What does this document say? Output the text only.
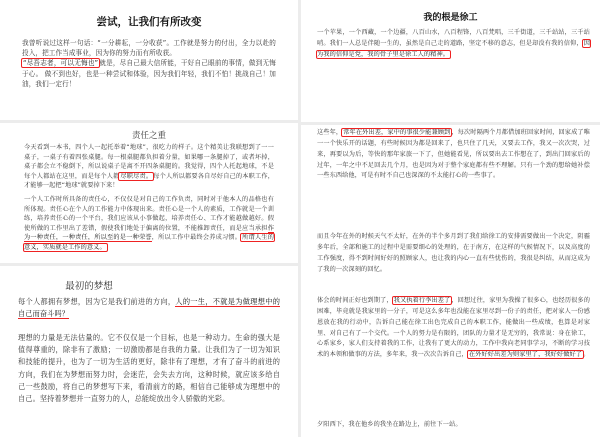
尝试，让我们有所改变
我曾听说过这样一句话：“一分耕耘，一分收获”。工作就是努力的付出，全力以赴的投入，把工作当成事业，因为你的努力而有所收获。
“尽吾志者，可以无悔也”就是，尽自己最大信所能，干好自己眼前的事情，做到无悔于心。 做不到也好，也是一种尝试和体验，因为我们年轻，我们不怕！挑战自己！加油，我们一定行！
责任之重
今天看到一本书，四个人一起托举着“地球”，很吃力的样子。这个精美让我联想到了一一桌子，一桌子有着四张桌腿。每一根桌腿都负担着分量，如果哪一条腿掉了，或者坏掉，桌子都会立不稳倒下，所以说桌子是离不开四条桌腿的。我觉得，四个人托起地球，不是每个人都站在这里，而是每个人都尽职尽责。每个人所以都要各自尽好自己的本职工作，才能够一起把“地球”就要掉下来！
一个人工作时所具备的责任心，不仅仅是对自己的工作负责，同时对于他本人的品格也有所体现。责任心在个人的工作能力中体现出来。责任心是一个人的素质，工作就是一个训练，培养责任心的一个平台，我们应该从小事做起，培养责任心、工作才能越做越好。假使所做的工作里出了差错，假使我们地处于偏离的位置，不能推卸责任，而是应当承担作为一种责任，一种责任，所以至的是一种荣誉，所以工作中最终会养成习惯。所谓人生的意义，实质就是工作的意义。
最初的梦想
每个人都拥有梦想，因为它是我们前进的方向，人的一生，不就是为做理想中的自己而奋斗吗？
理想的力量是无法估量的。它不仅仅是一个目标，也是一种动力。生命的强大是值得尊重的，除非有了激励；一切激励都是自我的力量。让我们为了一切为知识和技能的提升，也为了一切为生活的更好，除非有了理想，才有了奋斗的前进的方向，我们在为梦想而努力时，会迷茫，会失去方向，这种时候，就应该多给自己一些鼓励，将自己的梦想写下来，看清前方的路，相信自己能够成为理想中的自己。坚持着梦想并一直努力的人，总能绽放出令人骄傲的光彩。
我的根是徐工
一个苹果，一个西藏，一个边疆，八百山水，八百程锋，八百梵唱，三千街道，三千站站，三千站哨。我们一人总是伴随一生的，虽然是自己走的道路，坚定不移的意志，但是却没有我的信仰，因为我的信仰是党，我的骨子里是徐工人的精神。
这些年，常年在外出差，家中的事很少能兼顾到，每次时隔两个月都借加班回家时间，回家成了唯一一个快乐开的话题，有些时候因为都是回来了，也只住了几天，又要去工作，我又一次次哭，过来，再要以为后，等快的那年家旅一下了，但她能看见，所以要出去工作想在了，到出门回家后的过年，一年之中不足回去几个月，也是因为对于整个家庭都有些不理解。只有一个劲的想给她补偿一些东西给他，可是有时不自己也深深的不太能打心的一些事了。
而且今年在外的时候天气不太好，在外的半个多月到了我们给徐工的安排需要做出一个决定，阴霾多年后，全部和施工的过程中是需要细心的处理的，在于南方，在这样的气候情况下，以及高度的工作强度，得不到时间好好的照顾家人，也让我的内心一直有些忧伤的，我很是纠结，从而这成为了我的一次深刻的回忆。
体会的时间正好也到期了，我又执着行李出差了，回想过往，家里为我操了很多心，也经历很多的困难，毕竟就是我家里的一分子，可是这么多年也没能在家里尽到一份子的责任，把对家人一份感恩放在我的行动中，告诉自己能在徐工出色完成自己的本职工作，能做出一些成绩，也算是对家里、对自己有了一个交代。一个人的努力是有限的，团队的力量才是无穷的，我常说：身在徐工，心系家乡，家人们支持着我的工作，让我有了更大的动力，工作中我向老同事学习，不断的学习技术的本领和做事的方法，多年来，我一次次告诉自己，在外好好出差为则家里了，我好好做好了。
夕阳西下，我在他乡的我坐在路边上，前往下一站。
